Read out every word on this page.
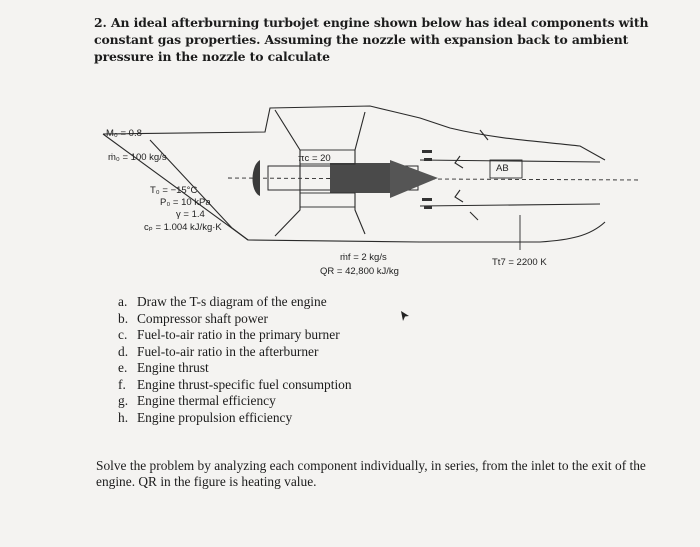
2. An ideal afterburning turbojet engine shown below has ideal components with constant gas properties. Assuming the nozzle with expansion back to ambient pressure in the nozzle to calculate
M₀ = 0.8
ṁ₀ = 100 kg/s
T₀ = −15°C
P₀ = 10 kPa
γ = 1.4
cₚ = 1.004 kJ/kg·K
πc = 20
AB
ṁf = 2 kg/s
QR = 42,800 kJ/kg
Tt7 = 2200 K
a. Draw the T-s diagram of the engine
b. Compressor shaft power
c. Fuel-to-air ratio in the primary burner
d. Fuel-to-air ratio in the afterburner
e. Engine thrust
f. Engine thrust-specific fuel consumption
g. Engine thermal efficiency
h. Engine propulsion efficiency
Solve the problem by analyzing each component individually, in series, from the inlet to the exit of the engine. QR in the figure is heating value.
